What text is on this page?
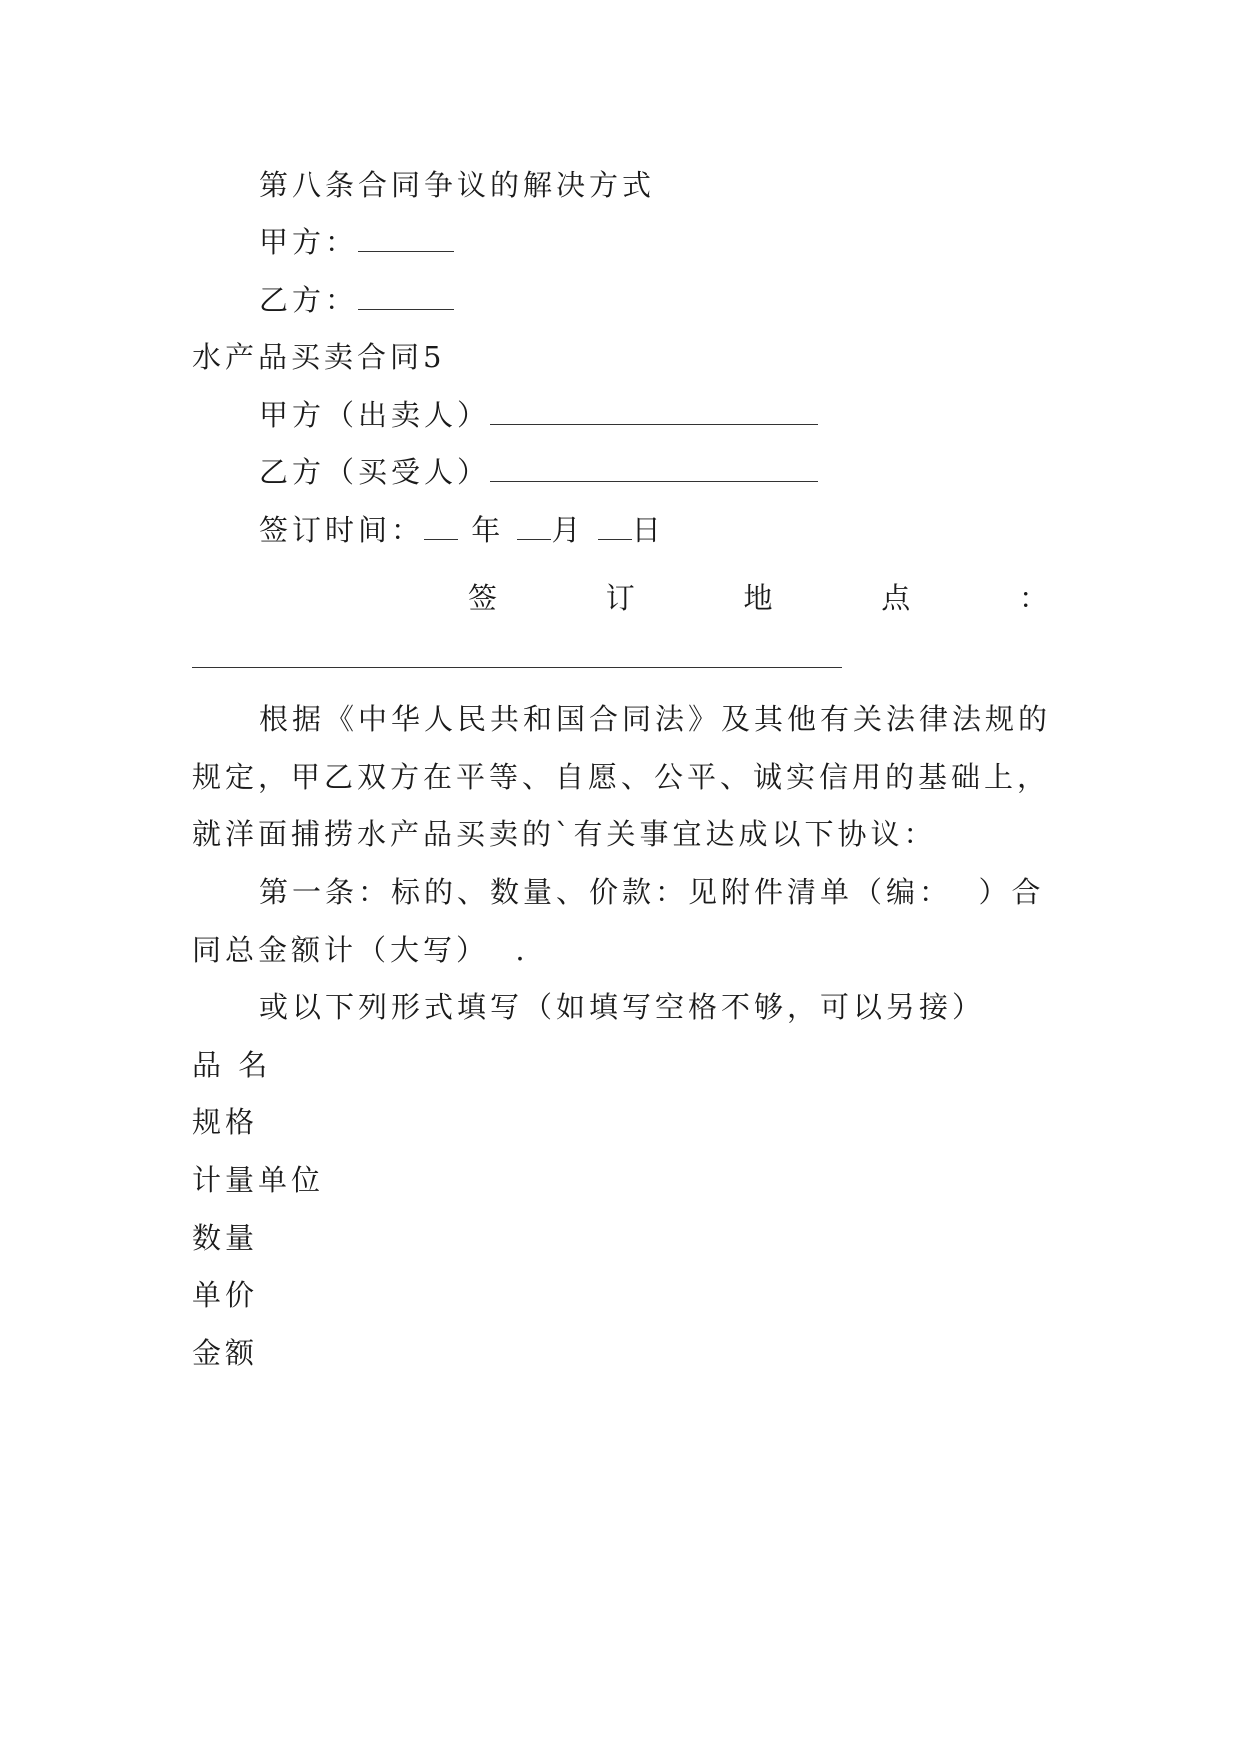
第八条合同争议的解决方式
甲方：
乙方：
水产品买卖合同5
甲方（出卖人）
乙方（买受人）
签订时间： 年 月 日
签	订	地	点	：
根据《中华人民共和国合同法》及其他有关法律法规的
规定，甲乙双方在平等、自愿、公平、诚实信用的基础上，
就洋面捕捞水产品买卖的`有关事宜达成以下协议：
第一条：标的、数量、价款：见附件清单（编：  ）合
同总金额计（大写）  .
或以下列形式填写（如填写空格不够，可以另接）
品 名
规格
计量单位
数量
单价
金额
